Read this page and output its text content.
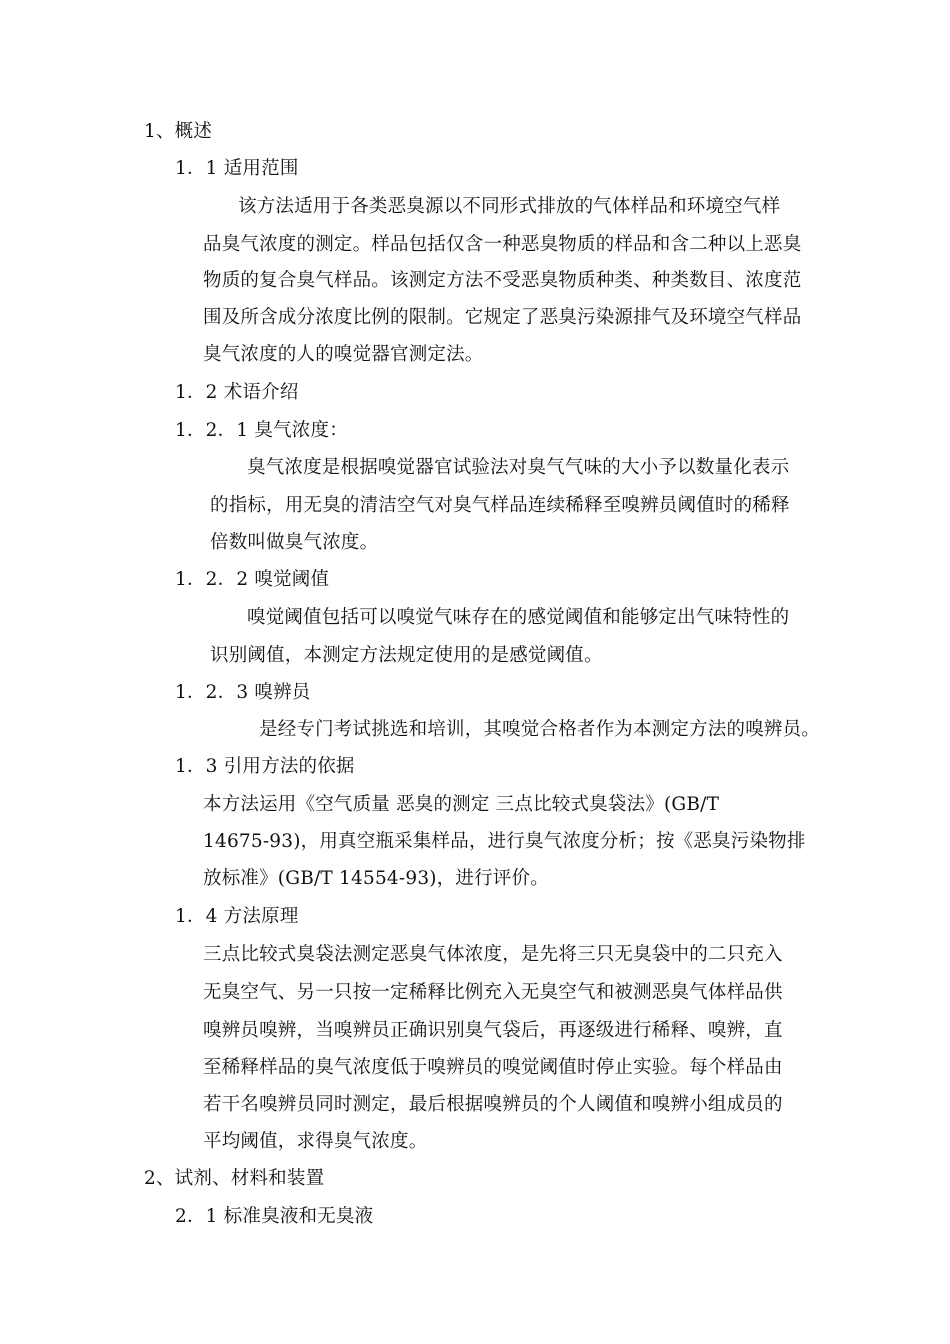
1、概述
1．1 适用范围
该方法适用于各类恶臭源以不同形式排放的气体样品和环境空气样
品臭气浓度的测定。样品包括仅含一种恶臭物质的样品和含二种以上恶臭
物质的复合臭气样品。该测定方法不受恶臭物质种类、种类数目、浓度范
围及所含成分浓度比例的限制。它规定了恶臭污染源排气及环境空气样品
臭气浓度的人的嗅觉器官测定法。
1．2 术语介绍
1．2．1 臭气浓度：
臭气浓度是根据嗅觉器官试验法对臭气气味的大小予以数量化表示
的指标，用无臭的清洁空气对臭气样品连续稀释至嗅辨员阈值时的稀释
倍数叫做臭气浓度。
1．2．2 嗅觉阈值
嗅觉阈值包括可以嗅觉气味存在的感觉阈值和能够定出气味特性的
识别阈值，本测定方法规定使用的是感觉阈值。
1．2．3 嗅辨员
是经专门考试挑选和培训，其嗅觉合格者作为本测定方法的嗅辨员。
1．3 引用方法的依据
本方法运用《空气质量 恶臭的测定 三点比较式臭袋法》(GB/T
14675-93)，用真空瓶采集样品，进行臭气浓度分析；按《恶臭污染物排
放标准》(GB/T 14554-93)，进行评价。
1．4 方法原理
三点比较式臭袋法测定恶臭气体浓度，是先将三只无臭袋中的二只充入
无臭空气、另一只按一定稀释比例充入无臭空气和被测恶臭气体样品供
嗅辨员嗅辨，当嗅辨员正确识别臭气袋后，再逐级进行稀释、嗅辨，直
至稀释样品的臭气浓度低于嗅辨员的嗅觉阈值时停止实验。每个样品由
若干名嗅辨员同时测定，最后根据嗅辨员的个人阈值和嗅辨小组成员的
平均阈值，求得臭气浓度。
2、试剂、材料和装置
2．1 标准臭液和无臭液
